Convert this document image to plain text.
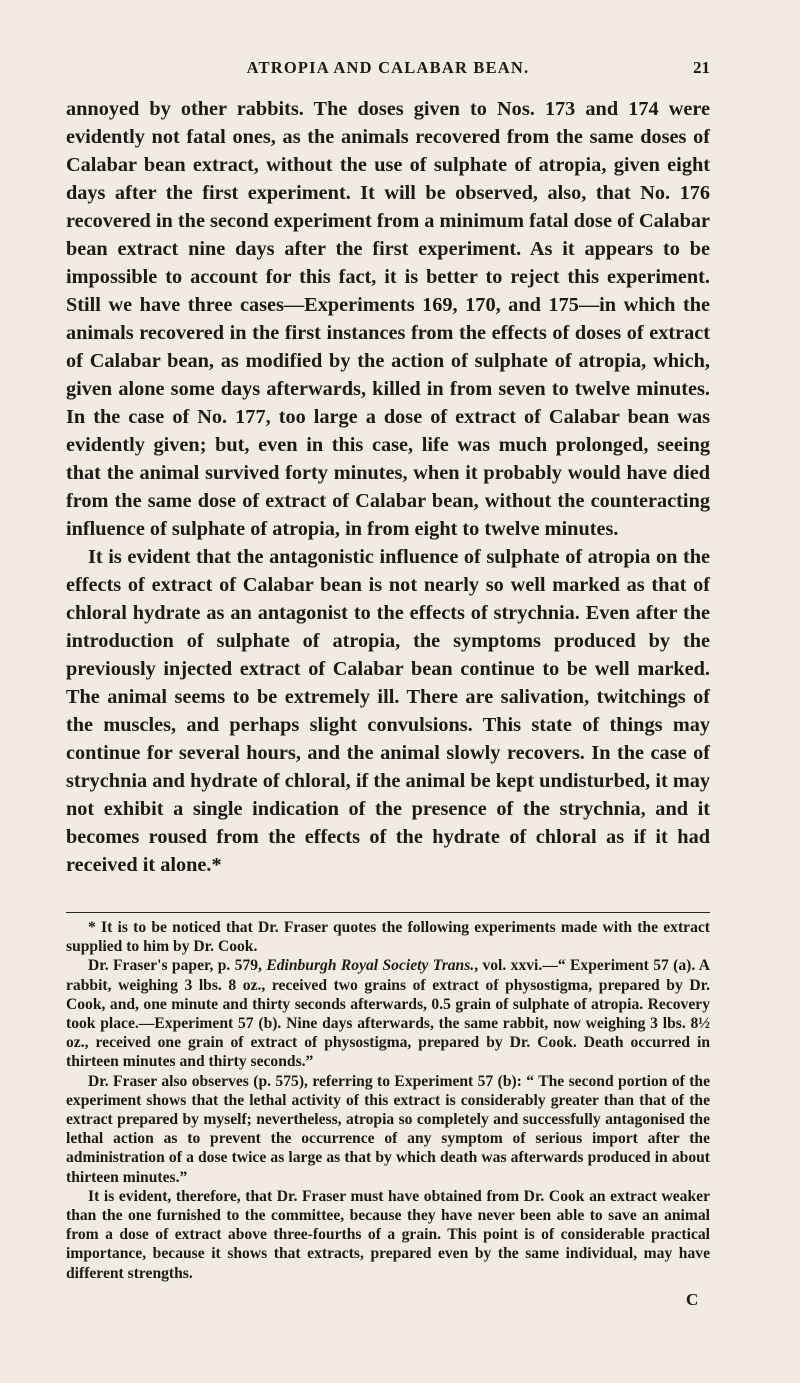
ATROPIA AND CALABAR BEAN.	21

annoyed by other rabbits. The doses given to Nos. 173 and 174 were evidently not fatal ones, as the animals recovered from the same doses of Calabar bean extract, without the use of sulphate of atropia, given eight days after the first experiment. It will be observed, also, that No. 176 recovered in the second experiment from a minimum fatal dose of Calabar bean extract nine days after the first experiment. As it appears to be impossible to account for this fact, it is better to reject this experiment. Still we have three cases—Experiments 169, 170, and 175—in which the animals recovered in the first instances from the effects of doses of extract of Calabar bean, as modified by the action of sulphate of atropia, which, given alone some days afterwards, killed in from seven to twelve minutes. In the case of No. 177, too large a dose of extract of Calabar bean was evidently given; but, even in this case, life was much prolonged, seeing that the animal survived forty minutes, when it probably would have died from the same dose of extract of Calabar bean, without the counteracting influence of sulphate of atropia, in from eight to twelve minutes.

It is evident that the antagonistic influence of sulphate of atropia on the effects of extract of Calabar bean is not nearly so well marked as that of chloral hydrate as an antagonist to the effects of strychnia. Even after the introduction of sulphate of atropia, the symptoms produced by the previously injected extract of Calabar bean continue to be well marked. The animal seems to be extremely ill. There are salivation, twitchings of the muscles, and perhaps slight convulsions. This state of things may continue for several hours, and the animal slowly recovers. In the case of strychnia and hydrate of chloral, if the animal be kept undisturbed, it may not exhibit a single indication of the presence of the strychnia, and it becomes roused from the effects of the hydrate of chloral as if it had received it alone.*

* It is to be noticed that Dr. Fraser quotes the following experiments made with the extract supplied to him by Dr. Cook.

Dr. Fraser's paper, p. 579, Edinburgh Royal Society Trans., vol. xxvi.—“ Experiment 57 (a). A rabbit, weighing 3 lbs. 8 oz., received two grains of extract of physostigma, prepared by Dr. Cook, and, one minute and thirty seconds afterwards, 0.5 grain of sulphate of atropia. Recovery took place.—Experiment 57 (b). Nine days afterwards, the same rabbit, now weighing 3 lbs. 8½ oz., received one grain of extract of physostigma, prepared by Dr. Cook. Death occurred in thirteen minutes and thirty seconds.”

Dr. Fraser also observes (p. 575), referring to Experiment 57 (b): “ The second portion of the experiment shows that the lethal activity of this extract is considerably greater than that of the extract prepared by myself; nevertheless, atropia so completely and successfully antagonised the lethal action as to prevent the occurrence of any symptom of serious import after the administration of a dose twice as large as that by which death was afterwards produced in about thirteen minutes.”

It is evident, therefore, that Dr. Fraser must have obtained from Dr. Cook an extract weaker than the one furnished to the committee, because they have never been able to save an animal from a dose of extract above three-fourths of a grain. This point is of considerable practical importance, because it shows that extracts, prepared even by the same individual, may have different strengths.

C
